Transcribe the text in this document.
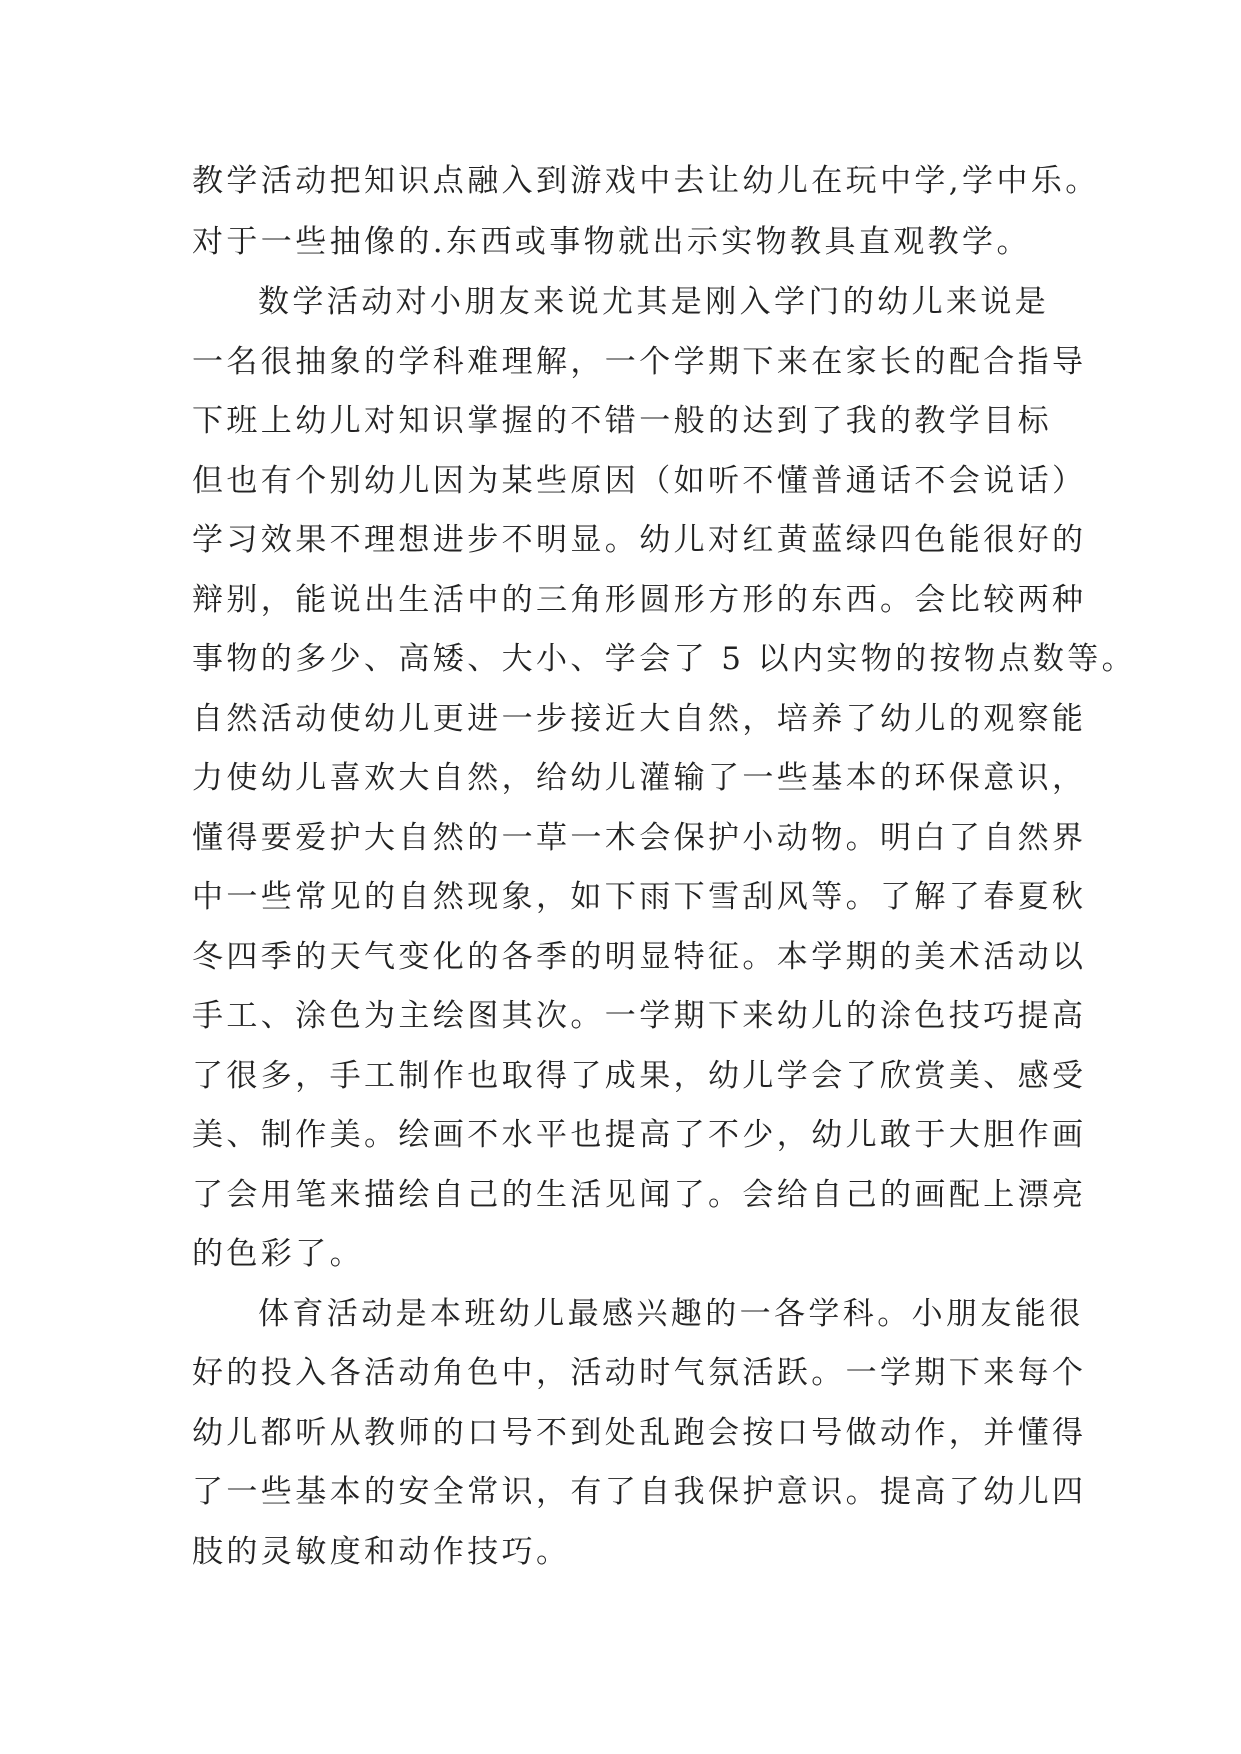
教学活动把知识点融入到游戏中去让幼儿在玩中学,学中乐。

对于一些抽像的.东西或事物就出示实物教具直观教学。

数学活动对小朋友来说尤其是刚入学门的幼儿来说是

一名很抽象的学科难理解，一个学期下来在家长的配合指导

下班上幼儿对知识掌握的不错一般的达到了我的教学目标

但也有个别幼儿因为某些原因（如听不懂普通话不会说话）

学习效果不理想进步不明显。幼儿对红黄蓝绿四色能很好的

辩别，能说出生活中的三角形圆形方形的东西。会比较两种

事物的多少、高矮、大小、学会了 5 以内实物的按物点数等。

自然活动使幼儿更进一步接近大自然，培养了幼儿的观察能

力使幼儿喜欢大自然，给幼儿灌输了一些基本的环保意识，

懂得要爱护大自然的一草一木会保护小动物。明白了自然界

中一些常见的自然现象，如下雨下雪刮风等。了解了春夏秋

冬四季的天气变化的各季的明显特征。本学期的美术活动以

手工、涂色为主绘图其次。一学期下来幼儿的涂色技巧提高

了很多，手工制作也取得了成果，幼儿学会了欣赏美、感受

美、制作美。绘画不水平也提高了不少，幼儿敢于大胆作画

了会用笔来描绘自己的生活见闻了。会给自己的画配上漂亮

的色彩了。

体育活动是本班幼儿最感兴趣的一各学科。小朋友能很

好的投入各活动角色中，活动时气氛活跃。一学期下来每个

幼儿都听从教师的口号不到处乱跑会按口号做动作，并懂得

了一些基本的安全常识，有了自我保护意识。提高了幼儿四

肢的灵敏度和动作技巧。
